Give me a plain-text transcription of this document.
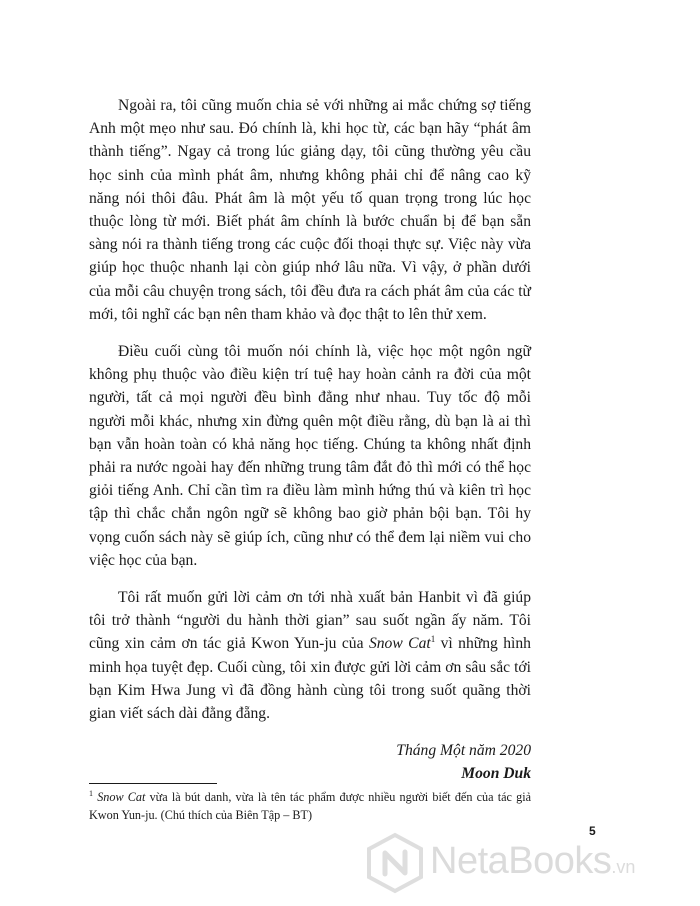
Ngoài ra, tôi cũng muốn chia sẻ với những ai mắc chứng sợ tiếng Anh một mẹo như sau. Đó chính là, khi học từ, các bạn hãy “phát âm thành tiếng”. Ngay cả trong lúc giảng dạy, tôi cũng thường yêu cầu học sinh của mình phát âm, nhưng không phải chỉ để nâng cao kỹ năng nói thôi đâu. Phát âm là một yếu tố quan trọng trong lúc học thuộc lòng từ mới. Biết phát âm chính là bước chuẩn bị để bạn sẵn sàng nói ra thành tiếng trong các cuộc đối thoại thực sự. Việc này vừa giúp học thuộc nhanh lại còn giúp nhớ lâu nữa. Vì vậy, ở phần dưới của mỗi câu chuyện trong sách, tôi đều đưa ra cách phát âm của các từ mới, tôi nghĩ các bạn nên tham khảo và đọc thật to lên thử xem.

Điều cuối cùng tôi muốn nói chính là, việc học một ngôn ngữ không phụ thuộc vào điều kiện trí tuệ hay hoàn cảnh ra đời của một người, tất cả mọi người đều bình đẳng như nhau. Tuy tốc độ mỗi người mỗi khác, nhưng xin đừng quên một điều rằng, dù bạn là ai thì bạn vẫn hoàn toàn có khả năng học tiếng. Chúng ta không nhất định phải ra nước ngoài hay đến những trung tâm đắt đỏ thì mới có thể học giỏi tiếng Anh. Chỉ cần tìm ra điều làm mình hứng thú và kiên trì học tập thì chắc chắn ngôn ngữ sẽ không bao giờ phản bội bạn. Tôi hy vọng cuốn sách này sẽ giúp ích, cũng như có thể đem lại niềm vui cho việc học của bạn.

Tôi rất muốn gửi lời cảm ơn tới nhà xuất bản Hanbit vì đã giúp tôi trở thành “người du hành thời gian” sau suốt ngần ấy năm. Tôi cũng xin cảm ơn tác giả Kwon Yun-ju của Snow Cat$^1$ vì những hình minh họa tuyệt đẹp. Cuối cùng, tôi xin được gửi lời cảm ơn sâu sắc tới bạn Kim Hwa Jung vì đã đồng hành cùng tôi trong suốt quãng thời gian viết sách dài đằng đẵng.

Tháng Một năm 2020
Moon Duk
$^1$ Snow Cat vừa là bút danh, vừa là tên tác phẩm được nhiều người biết đến của tác giả Kwon Yun-ju. (Chú thích của Biên Tập – BT)
5
NetaBooks.vn
